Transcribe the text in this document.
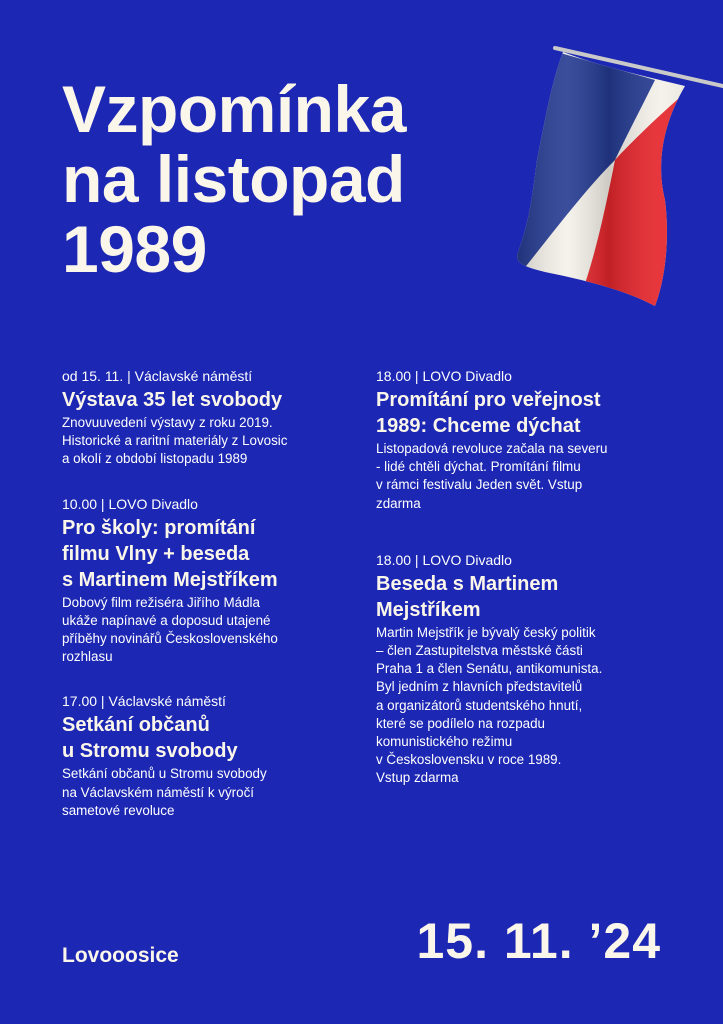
Vzpomínka
na listopad
1989
od 15. 11. | Václavské náměstí
Výstava 35 let svobody
Znovuuvedení výstavy z roku 2019.
Historické a raritní materiály z Lovosic
a okolí z období listopadu 1989
10.00 | LOVO Divadlo
Pro školy: promítání
filmu Vlny + beseda
s Martinem Mejstříkem
Dobový film režiséra Jiřího Mádla
ukáže napínavé a doposud utajené
příběhy novinářů Československého
rozhlasu
17.00 | Václavské náměstí
Setkání občanů
u Stromu svobody
Setkání občanů u Stromu svobody
na Václavském náměstí k výročí
sametové revoluce
18.00 | LOVO Divadlo
Promítání pro veřejnost
1989: Chceme dýchat
Listopadová revoluce začala na severu
- lidé chtěli dýchat. Promítání filmu
v rámci festivalu Jeden svět. Vstup
zdarma
18.00 | LOVO Divadlo
Beseda s Martinem
Mejstříkem
Martin Mejstřík je bývalý český politik
– člen Zastupitelstva městské části
Praha 1 a člen Senátu, antikomunista.
Byl jedním z hlavních představitelů
a organizátorů studentského hnutí,
které se podílelo na rozpadu
komunistického režimu
v Československu v roce 1989.
Vstup zdarma
Lovooosice	15. 11. ’24
